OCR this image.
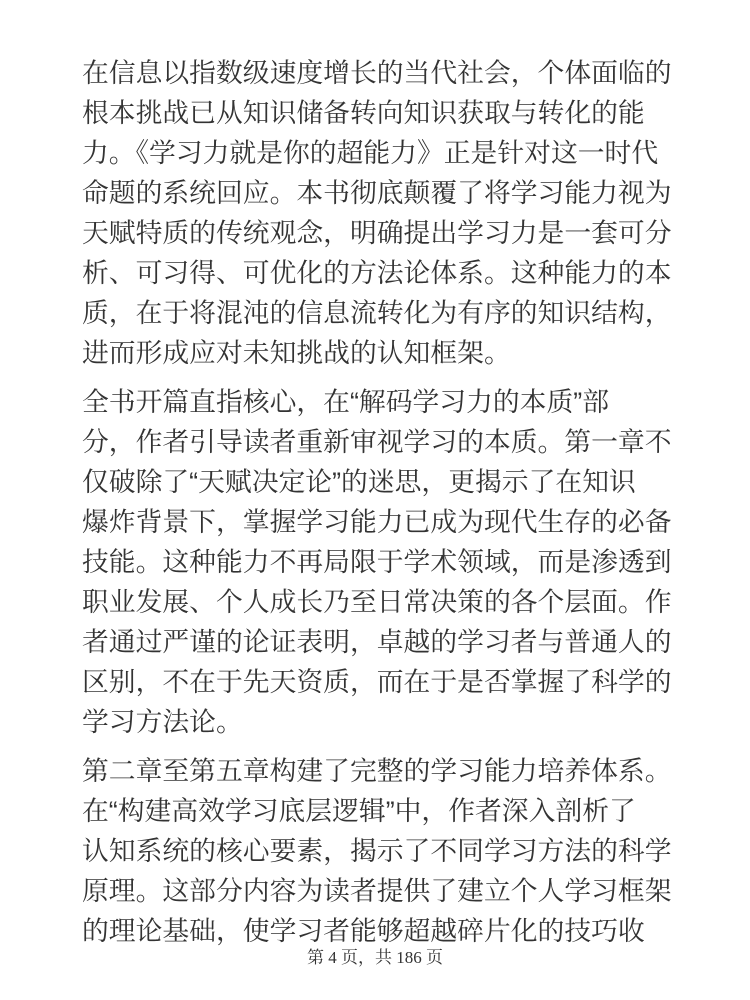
在信息以指数级速度增长的当代社会，个体面临的
根本挑战已从知识储备转向知识获取与转化的能
力。《学习力就是你的超能力》正是针对这一时代
命题的系统回应。本书彻底颠覆了将学习能力视为
天赋特质的传统观念，明确提出学习力是一套可分
析、可习得、可优化的方法论体系。这种能力的本
质，在于将混沌的信息流转化为有序的知识结构，
进而形成应对未知挑战的认知框架。
全书开篇直指核心，在“解码学习力的本质”部
分，作者引导读者重新审视学习的本质。第一章不
仅破除了“天赋决定论”的迷思，更揭示了在知识
爆炸背景下，掌握学习能力已成为现代生存的必备
技能。这种能力不再局限于学术领域，而是渗透到
职业发展、个人成长乃至日常决策的各个层面。作
者通过严谨的论证表明，卓越的学习者与普通人的
区别，不在于先天资质，而在于是否掌握了科学的
学习方法论。
第二章至第五章构建了完整的学习能力培养体系。
在“构建高效学习底层逻辑”中，作者深入剖析了
认知系统的核心要素，揭示了不同学习方法的科学
原理。这部分内容为读者提供了建立个人学习框架
的理论基础，使学习者能够超越碎片化的技巧收
第 4 页，共 186 页
